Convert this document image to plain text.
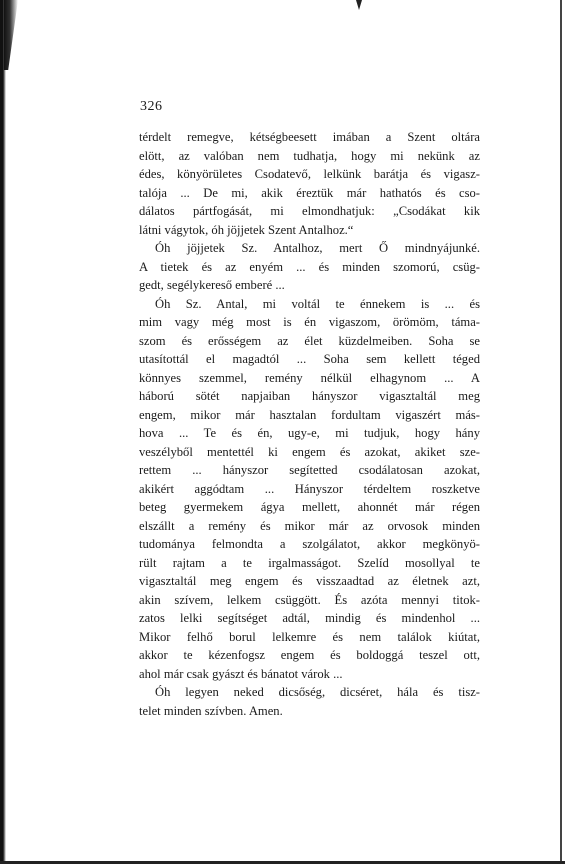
326
térdelt remegve, kétségbeesett imában a Szent oltára
elött, az valóban nem tudhatja, hogy mi nekünk az
édes, könyörületes Csodatevő, lelkünk barátja és vigasz-
talója ... De mi, akik éreztük már hathatós és cso-
dálatos pártfogását, mi elmondhatjuk: „Csodákat kik
látni vágytok, óh jöjjetek Szent Antalhoz.“
Óh jöjjetek Sz. Antalhoz, mert Ő mindnyájunké.
A tietek és az enyém ... és minden szomorú, csüg-
gedt, segélykereső emberé ...
Óh Sz. Antal, mi voltál te énnekem is ... és
mim vagy még most is én vigaszom, örömöm, táma-
szom és erősségem az élet küzdelmeiben. Soha se
utasítottál el magadtól ... Soha sem kellett téged
könnyes szemmel, remény nélkül elhagynom ... A
háború sötét napjaiban hányszor vigasztaltál meg
engem, mikor már hasztalan fordultam vigaszért más-
hova ... Te és én, ugy-e, mi tudjuk, hogy hány
veszélyből mentettél ki engem és azokat, akiket sze-
rettem ... hányszor segítetted csodálatosan azokat,
akikért aggódtam ... Hányszor térdeltem roszketve
beteg gyermekem ágya mellett, ahonnét már régen
elszállt a remény és mikor már az orvosok minden
tudománya felmondta a szolgálatot, akkor megkönyö-
rült rajtam a te irgalmasságot. Szelíd mosollyal te
vigasztaltál meg engem és visszaadtad az életnek azt,
akin szívem, lelkem csüggött. És azóta mennyi titok-
zatos lelki segítséget adtál, mindig és mindenhol ...
Mikor felhő borul lelkemre és nem találok kiútat,
akkor te kézenfogsz engem és boldoggá teszel ott,
ahol már csak gyászt és bánatot várok ...
Óh legyen neked dicsőség, dicséret, hála és tisz-
telet minden szívben. Amen.
